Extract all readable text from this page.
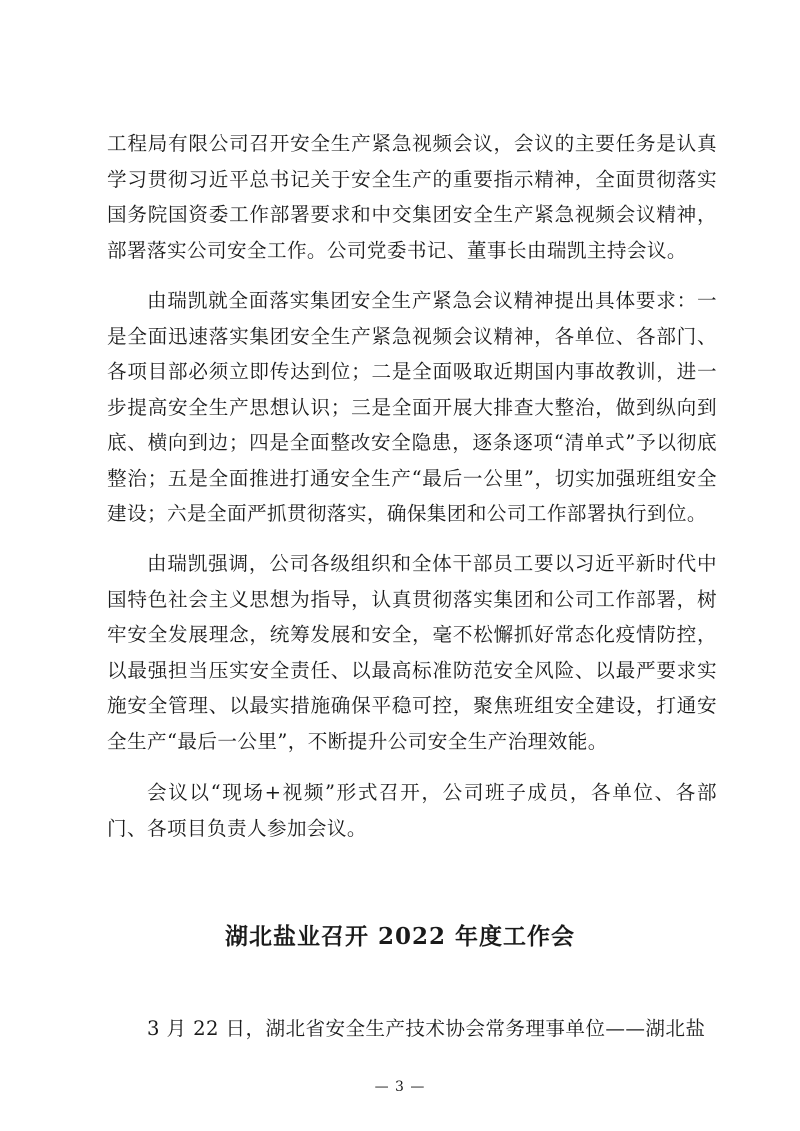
工程局有限公司召开安全生产紧急视频会议，会议的主要任务是认真学习贯彻习近平总书记关于安全生产的重要指示精神，全面贯彻落实国务院国资委工作部署要求和中交集团安全生产紧急视频会议精神，部署落实公司安全工作。公司党委书记、董事长由瑞凯主持会议。

由瑞凯就全面落实集团安全生产紧急会议精神提出具体要求：一是全面迅速落实集团安全生产紧急视频会议精神，各单位、各部门、各项目部必须立即传达到位；二是全面吸取近期国内事故教训，进一步提高安全生产思想认识；三是全面开展大排查大整治，做到纵向到底、横向到边；四是全面整改安全隐患，逐条逐项“清单式”予以彻底整治；五是全面推进打通安全生产“最后一公里”，切实加强班组安全建设；六是全面严抓贯彻落实，确保集团和公司工作部署执行到位。

由瑞凯强调，公司各级组织和全体干部员工要以习近平新时代中国特色社会主义思想为指导，认真贯彻落实集团和公司工作部署，树牢安全发展理念，统筹发展和安全，毫不松懈抓好常态化疫情防控，以最强担当压实安全责任、以最高标准防范安全风险、以最严要求实施安全管理、以最实措施确保平稳可控，聚焦班组安全建设，打通安全生产“最后一公里”，不断提升公司安全生产治理效能。

会议以“现场+视频”形式召开，公司班子成员，各单位、各部门、各项目负责人参加会议。

湖北盐业召开 2022 年度工作会

3 月 22 日，湖北省安全生产技术协会常务理事单位——湖北盐

— 3 —
